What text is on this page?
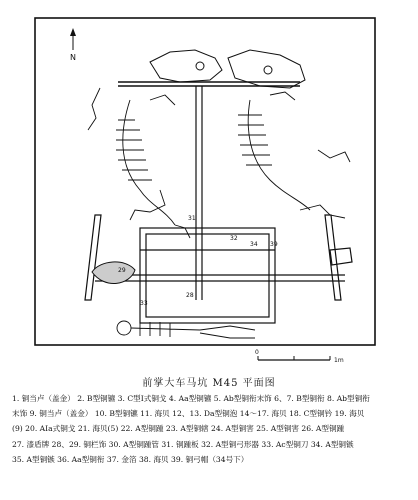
N
31
32
29
33
28
34 39
0
1m
前掌大车马坑 M45 平面图

1. 铜当卢（盖金） 2. B型铜镳 3. C型Ⅰ式铜戈 4. Aa型铜镳 5. Ab型铜衔末饰 6、7. B型铜衔 8. Ab型铜衔

末饰 9. 铜当卢（盖金） 10. B型铜镳 11. 海贝 12、13. Da型铜泡 14～17. 海贝 18. C型铜钤 19. 海贝

(9) 20. AⅠa式铜戈 21. 海贝(5) 22. A型铜踵 23. A型铜辖 24. A型铜害 25. A型铜害 26. A型铜踵

27. 漆盾牌 28、29. 铜栏饰 30. A型铜踵管 31. 铜踵板 32. A型铜弓形器 33. Ac型铜刀 34. A型铜镞

35. A型铜镞 36. Aa型铜衔 37. 金箔 38. 海贝 39. 铜弓帽（34号下）
